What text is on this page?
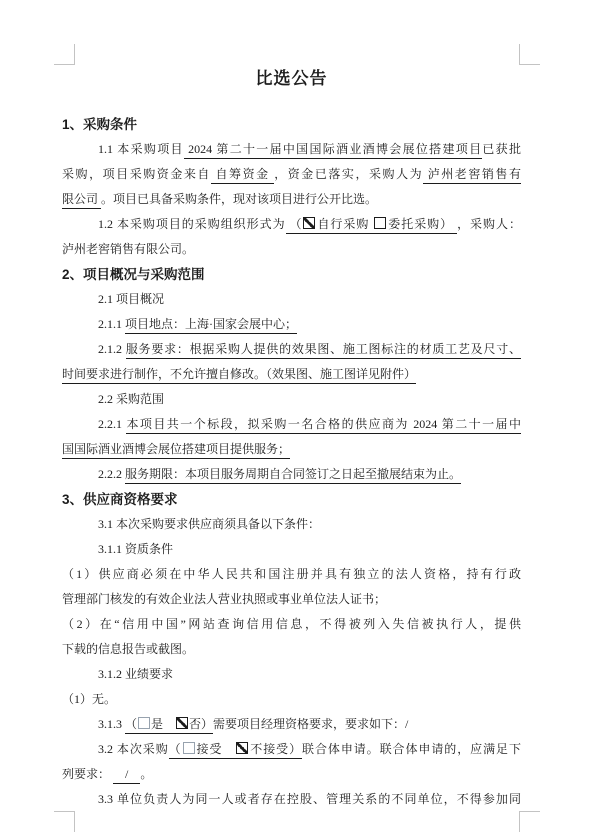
比选公告
1、采购条件
1.1 本采购项目 2024 第二十一届中国国际酒业酒博会展位搭建项目已获批
采购，项目采购资金来自 自筹资金 ，资金已落实，采购人为 泸州老窖销售有
限公司 。项目已具备采购条件，现对该项目进行公开比选。
1.2 本采购项目的采购组织形式为 （ 自行采购 委托采购） ，采购人：
泸州老窖销售有限公司。
2、项目概况与采购范围
2.1 项目概况
2.1.1 项目地点：上海·国家会展中心；
2.1.2 服务要求：根据采购人提供的效果图、施工图标注的材质工艺及尺寸、
时间要求进行制作，不允许擅自修改。（效果图、施工图详见附件）
2.2 采购范围
2.2.1 本项目共一个标段，拟采购一名合格的供应商为 2024 第二十一届中
国国际酒业酒博会展位搭建项目提供服务；
2.2.2 服务期限：本项目服务周期自合同签订之日起至撤展结束为止。
3、供应商资格要求
3.1 本次采购要求供应商须具备以下条件：
3.1.1 资质条件
（1）供应商必须在中华人民共和国注册并具有独立的法人资格，持有行政
管理部门核发的有效企业法人营业执照或事业单位法人证书；
（2）在“信用中国”网站查询信用信息，不得被列入失信被执行人，提供
下载的信息报告或截图。
3.1.2 业绩要求
（1）无。
3.1.3 （ 是　否）需要项目经理资格要求，要求如下：/
3.2 本次采购（ 接受　不接受）联合体申请。联合体申请的，应满足下
列要求： 　/　。
3.3 单位负责人为同一人或者存在控股、管理关系的不同单位，不得参加同
